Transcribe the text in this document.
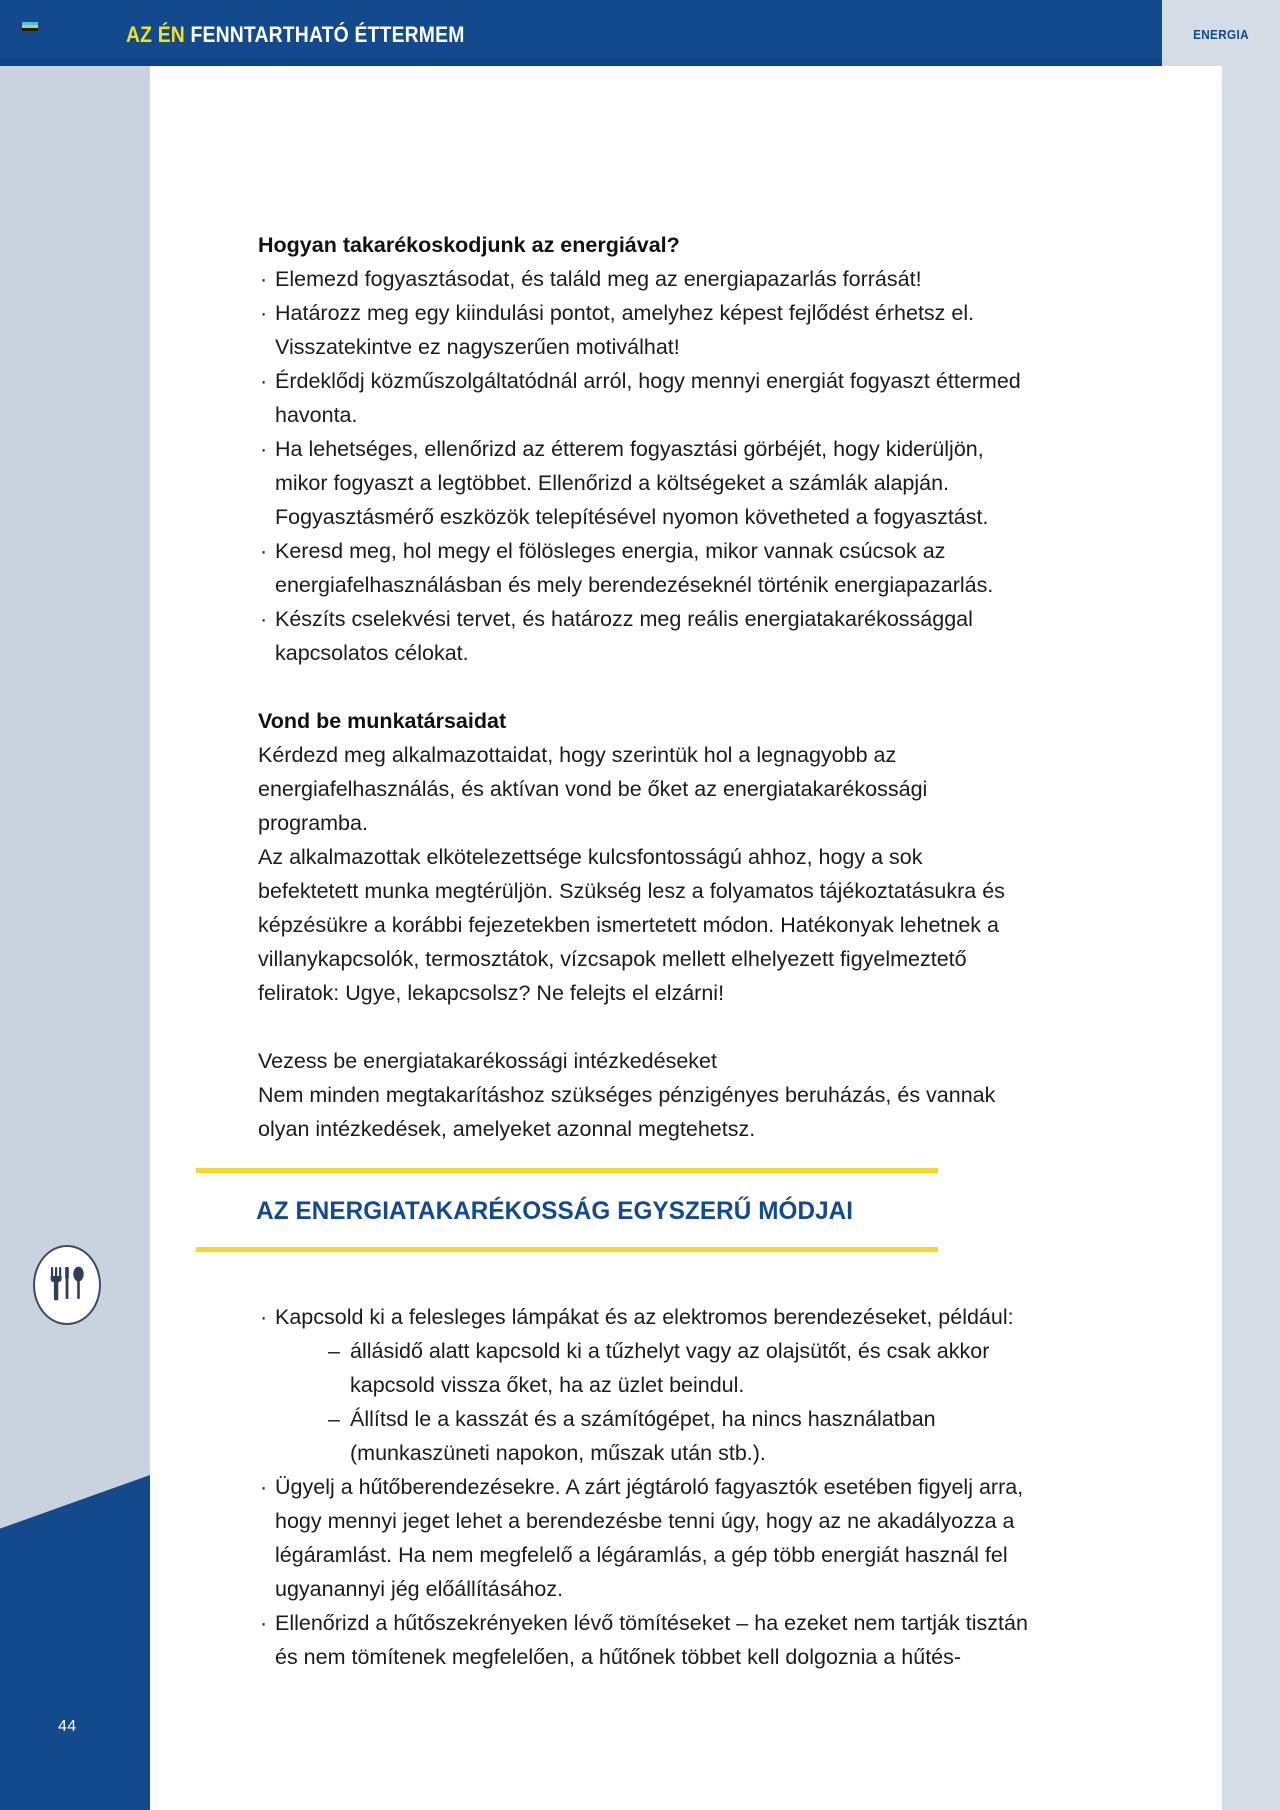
44
AZ ÉN FENNTARTHATÓ ÉTTERMEM	ENERGIA
Hogyan takarékoskodjunk az energiával?
· Elemezd fogyasztásodat, és találd meg az energiapazarlás forrását!
· Határozz meg egy kiindulási pontot, amelyhez képest fejlődést érhetsz el. Visszatekintve ez nagyszerűen motiválhat!
· Érdeklődj közműszolgáltatódnál arról, hogy mennyi energiát fogyaszt éttermed havonta.
· Ha lehetséges, ellenőrizd az étterem fogyasztási görbéjét, hogy kiderüljön, mikor fogyaszt a legtöbbet. Ellenőrizd a költségeket a számlák alapján. Fogyasztásmérő eszközök telepítésével nyomon követheted a fogyasztást.
· Keresd meg, hol megy el fölösleges energia, mikor vannak csúcsok az energiafelhasználásban és mely berendezéseknél történik energiapazarlás.
· Készíts cselekvési tervet, és határozz meg reális energiatakarékossággal kapcsolatos célokat.
Vond be munkatársaidat

Kérdezd meg alkalmazottaidat, hogy szerintük hol a legnagyobb az energiafelhasználás, és aktívan vond be őket az energiatakarékossági programba.

Az alkalmazottak elkötelezettsége kulcsfontosságú ahhoz, hogy a sok befektetett munka megtérüljön. Szükség lesz a folyamatos tájékoztatásukra és képzésükre a korábbi fejezetekben ismertetett módon. Hatékonyak lehetnek a villanykapcsolók, termosztátok, vízcsapok mellett elhelyezett figyelmeztető feliratok: Ugye, lekapcsolsz? Ne felejts el elzárni!

Vezess be energiatakarékossági intézkedéseket

Nem minden megtakarításhoz szükséges pénzigényes beruházás, és vannak olyan intézkedések, amelyeket azonnal megtehetsz.

AZ ENERGIATAKARÉKOSSÁG EGYSZERŰ MÓDJAI
· Kapcsold ki a felesleges lámpákat és az elektromos berendezéseket, például:
– állásidő alatt kapcsold ki a tűzhelyt vagy az olajsütőt, és csak akkor kapcsold vissza őket, ha az üzlet beindul.
– Állítsd le a kasszát és a számítógépet, ha nincs használatban (munkaszüneti napokon, műszak után stb.).
· Ügyelj a hűtőberendezésekre. A zárt jégtároló fagyasztók esetében figyelj arra, hogy mennyi jeget lehet a berendezésbe tenni úgy, hogy az ne akadályozza a légáramlást. Ha nem megfelelő a légáramlás, a gép több energiát használ fel ugyanannyi jég előállításához.
· Ellenőrizd a hűtőszekrényeken lévő tömítéseket – ha ezeket nem tartják tisztán és nem tömítenek megfelelően, a hűtőnek többet kell dolgoznia a hűtés-
